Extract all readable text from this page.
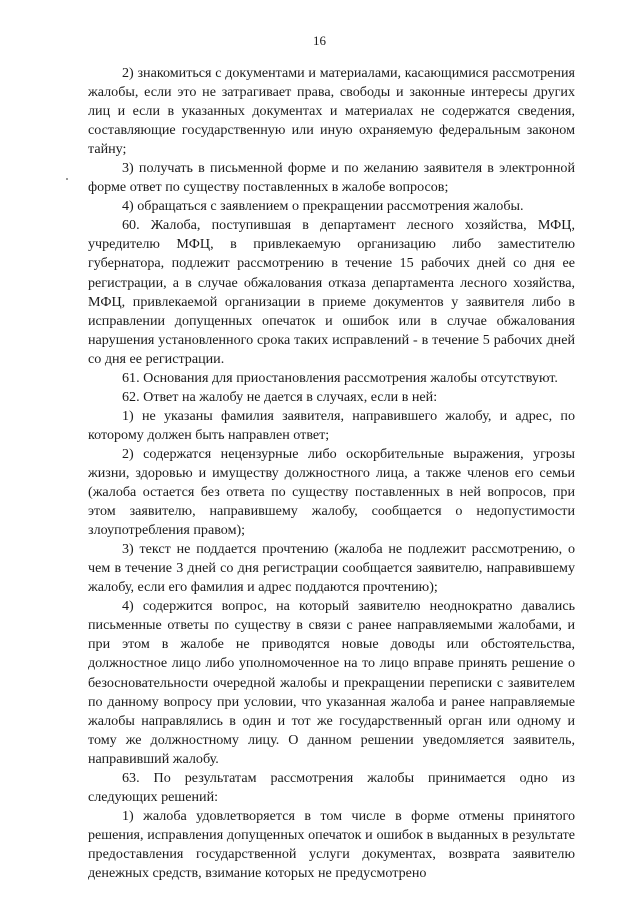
16

2) знакомиться с документами и материалами, касающимися рассмотрения жалобы, если это не затрагивает права, свободы и законные интересы других лиц и если в указанных документах и материалах не содержатся сведения, составляющие государственную или иную охраняемую федеральным законом тайну;

3) получать в письменной форме и по желанию заявителя в электронной форме ответ по существу поставленных в жалобе вопросов;

4) обращаться с заявлением о прекращении рассмотрения жалобы.

60. Жалоба, поступившая в департамент лесного хозяйства, МФЦ, учредителю МФЦ, в привлекаемую организацию либо заместителю губернатора, подлежит рассмотрению в течение 15 рабочих дней со дня ее регистрации, а в случае обжалования отказа департамента лесного хозяйства, МФЦ, привлекаемой организации в приеме документов у заявителя либо в исправлении допущенных опечаток и ошибок или в случае обжалования нарушения установленного срока таких исправлений - в течение 5 рабочих дней со дня ее регистрации.

61. Основания для приостановления рассмотрения жалобы отсутствуют.

62. Ответ на жалобу не дается в случаях, если в ней:

1) не указаны фамилия заявителя, направившего жалобу, и адрес, по которому должен быть направлен ответ;

2) содержатся нецензурные либо оскорбительные выражения, угрозы жизни, здоровью и имуществу должностного лица, а также членов его семьи (жалоба остается без ответа по существу поставленных в ней вопросов, при этом заявителю, направившему жалобу, сообщается о недопустимости злоупотребления правом);

3) текст не поддается прочтению (жалоба не подлежит рассмотрению, о чем в течение 3 дней со дня регистрации сообщается заявителю, направившему жалобу, если его фамилия и адрес поддаются прочтению);

4) содержится вопрос, на который заявителю неоднократно давались письменные ответы по существу в связи с ранее направляемыми жалобами, и при этом в жалобе не приводятся новые доводы или обстоятельства, должностное лицо либо уполномоченное на то лицо вправе принять решение о безосновательности очередной жалобы и прекращении переписки с заявителем по данному вопросу при условии, что указанная жалоба и ранее направляемые жалобы направлялись в один и тот же государственный орган или одному и тому же должностному лицу. О данном решении уведомляется заявитель, направивший жалобу.

63. По результатам рассмотрения жалобы принимается одно из следующих решений:

1) жалоба удовлетворяется в том числе в форме отмены принятого решения, исправления допущенных опечаток и ошибок в выданных в результате предоставления государственной услуги документах, возврата заявителю денежных средств, взимание которых не предусмотрено
